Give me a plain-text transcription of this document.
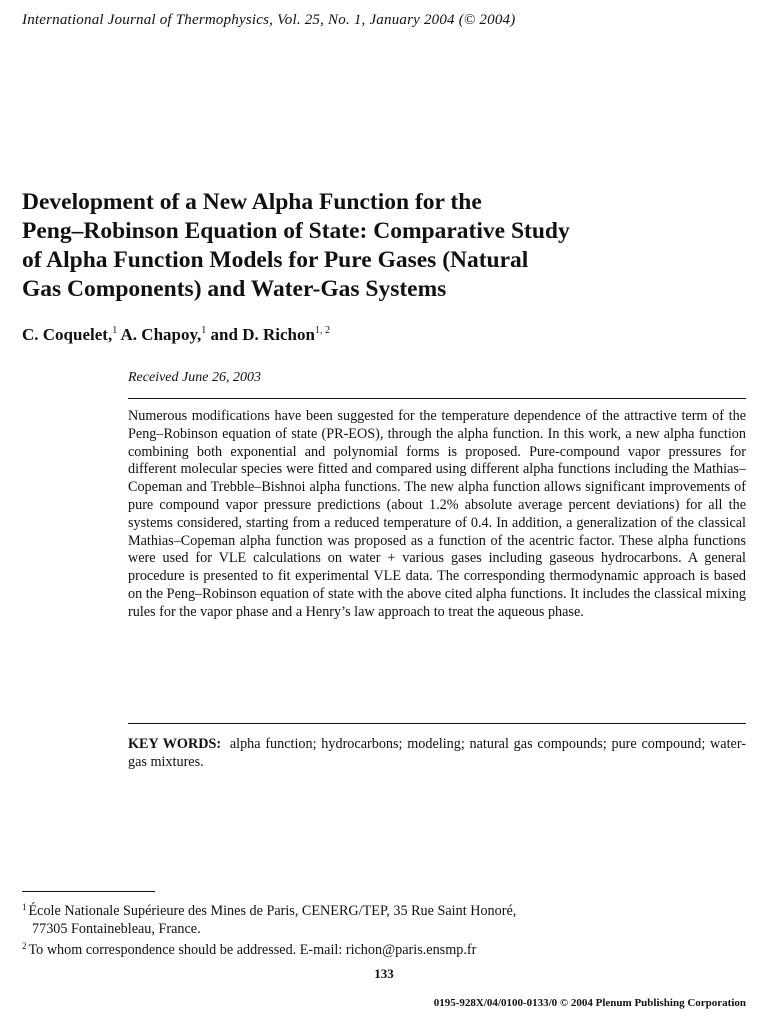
International Journal of Thermophysics, Vol. 25, No. 1, January 2004 (© 2004)
Development of a New Alpha Function for the
Peng–Robinson Equation of State: Comparative Study
of Alpha Function Models for Pure Gases (Natural
Gas Components) and Water-Gas Systems
C. Coquelet,$^1$ A. Chapoy,$^1$ and D. Richon$^{1, 2}$
Received June 26, 2003
Numerous modifications have been suggested for the temperature dependence of the attractive term of the Peng–Robinson equation of state (PR-EOS), through the alpha function. In this work, a new alpha function combining both exponential and polynomial forms is proposed. Pure-compound vapor pressures for different molecular species were fitted and compared using different alpha functions including the Mathias–Copeman and Trebble–Bishnoi alpha functions. The new alpha function allows significant improvements of pure compound vapor pressure predictions (about 1.2% absolute average percent deviations) for all the systems considered, starting from a reduced temperature of 0.4. In addition, a generalization of the classical Mathias–Copeman alpha function was proposed as a function of the acentric factor. These alpha functions were used for VLE calculations on water + various gases including gaseous hydrocarbons. A general procedure is presented to fit experimental VLE data. The corresponding thermodynamic approach is based on the Peng–Robinson equation of state with the above cited alpha functions. It includes the classical mixing rules for the vapor phase and a Henry’s law approach to treat the aqueous phase.
KEY WORDS: alpha function; hydrocarbons; modeling; natural gas compounds; pure compound; water-gas mixtures.
$^1$ École Nationale Supérieure des Mines de Paris, CENERG/TEP, 35 Rue Saint Honoré,
77305 Fontainebleau, France.
$^2$ To whom correspondence should be addressed. E-mail: richon@paris.ensmp.fr
133
0195-928X/04/0100-0133/0 © 2004 Plenum Publishing Corporation
